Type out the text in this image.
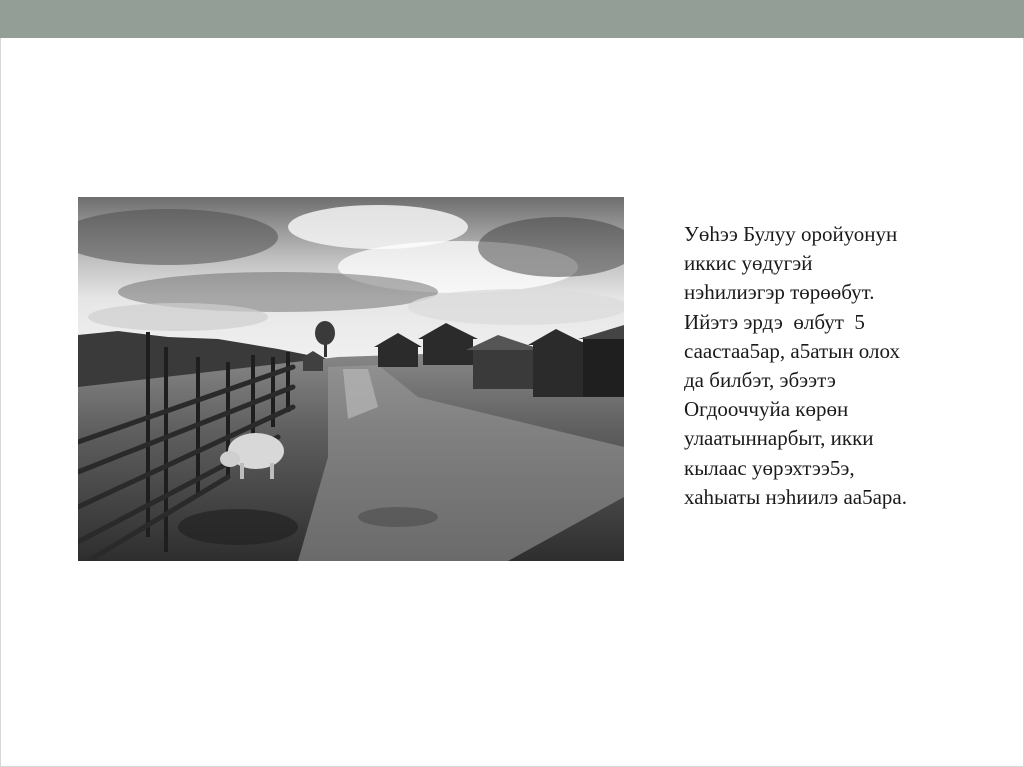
Уөһээ Булуу оройуонун
иккис уөдугэй
нэһилиэгэр төрөөбут.
Ийэтэ эрдэ  өлбут  5
саастаа5ар, а5атын олох
да билбэт, эбээтэ
Огдооччуйа көрөн
улаатыннарбыт, икки
кылаас уөрэхтээ5э,
хаһыаты нэһиилэ аа5ара.
